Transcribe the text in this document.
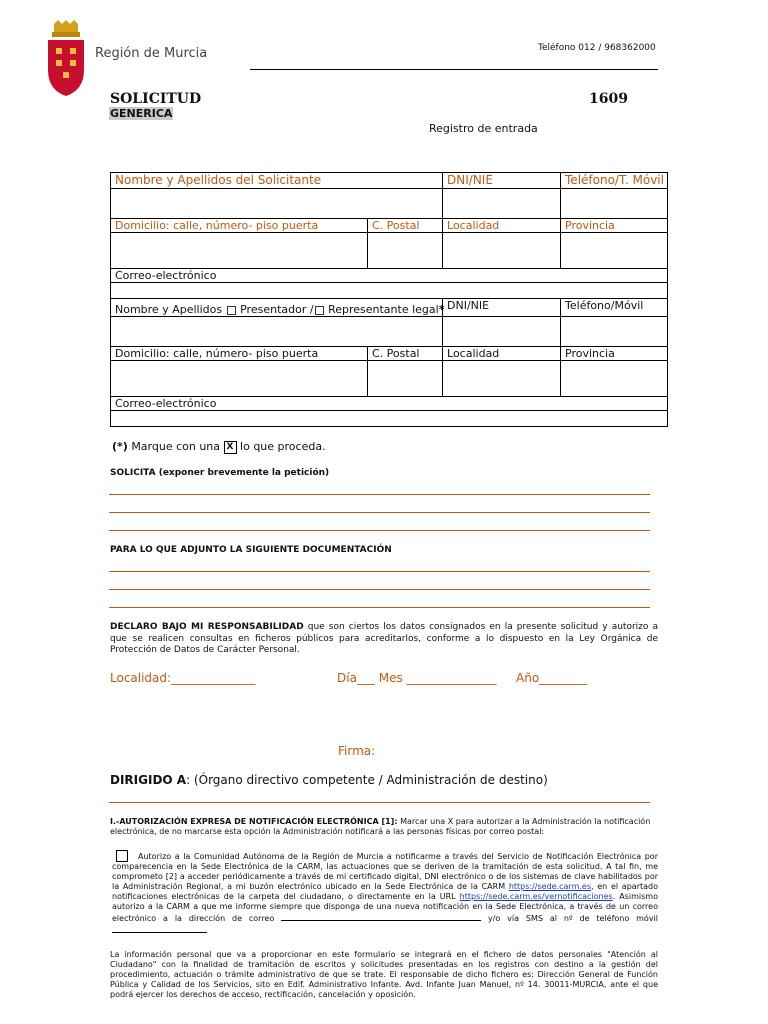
Región de Murcia	Teléfono 012 / 968362000
SOLICITUD
GENERICA
1609
Registro de entrada
Nombre y Apellidos del Solicitante		DNI/NIE	Teléfono/T. Móvil

Domicilio: calle, número- piso puerta	C. Postal	Localidad	Provincia

Correo-electrónico			

Nombre y Apellidos Presentador / Representante legal*		DNI/NIE	Teléfono/Móvil

Domicilio: calle, número- piso puerta	C. Postal	Localidad	Provincia

Correo-electrónico			

(*) Marque con una X lo que proceda.
SOLICITA (exponer brevemente la petición)
PARA LO QUE ADJUNTO LA SIGUIENTE DOCUMENTACIÓN
DECLARO BAJO MI RESPONSABILIDAD que son ciertos los datos consignados en la presente solicitud y autorizo a que se realicen consultas en ficheros públicos para acreditarlos, conforme a lo dispuesto en la Ley Orgánica de Protección de Datos de Carácter Personal.
Localidad:______________	Día___ Mes _______________ Año________
Firma:
DIRIGIDO A: (Órgano directivo competente / Administración de destino)
I.-AUTORIZACIÓN EXPRESA DE NOTIFICACIÓN ELECTRÓNICA [1]: Marcar una X para autorizar a la Administración la notificación electrónica, de no marcarse esta opción la Administración notificará a las personas físicas por correo postal:
Autorizo a la Comunidad Autónoma de la Región de Murcia a notificarme a través del Servicio de Notificación Electrónica por comparecencia en la Sede Electrónica de la CARM, las actuaciones que se deriven de la tramitación de esta solicitud. A tal fin, me comprometo [2] a acceder periódicamente a través de mi certificado digital, DNI electrónico o de los sistemas de clave habilitados por la Administración Regional, a mi buzón electrónico ubicado en la Sede Electrónica de la CARM https://sede.carm.es, en el apartado notificaciones electrónicas de la carpeta del ciudadano, o directamente en la URL https://sede.carm.es/vernotificaciones. Asimismo autorizo a la CARM a que me informe siempre que disponga de una nueva notificación en la Sede Electrónica, a través de un correo electrónico a la dirección de correo	y/o vía SMS al nº de teléfono móvil
La información personal que va a proporcionar en este formulario se integrará en el fichero de datos personales "Atención al Ciudadano" con la finalidad de tramitación de escritos y solicitudes presentadas en los registros con destino a la gestión del procedimiento, actuación o trámite administrativo de que se trate. El responsable de dicho fichero es: Dirección General de Función Pública y Calidad de los Servicios, sito en Edif. Administrativo Infante. Avd. Infante Juan Manuel, nº 14. 30011-MURCIA, ante el que podrá ejercer los derechos de acceso, rectificación, cancelación y oposición.
